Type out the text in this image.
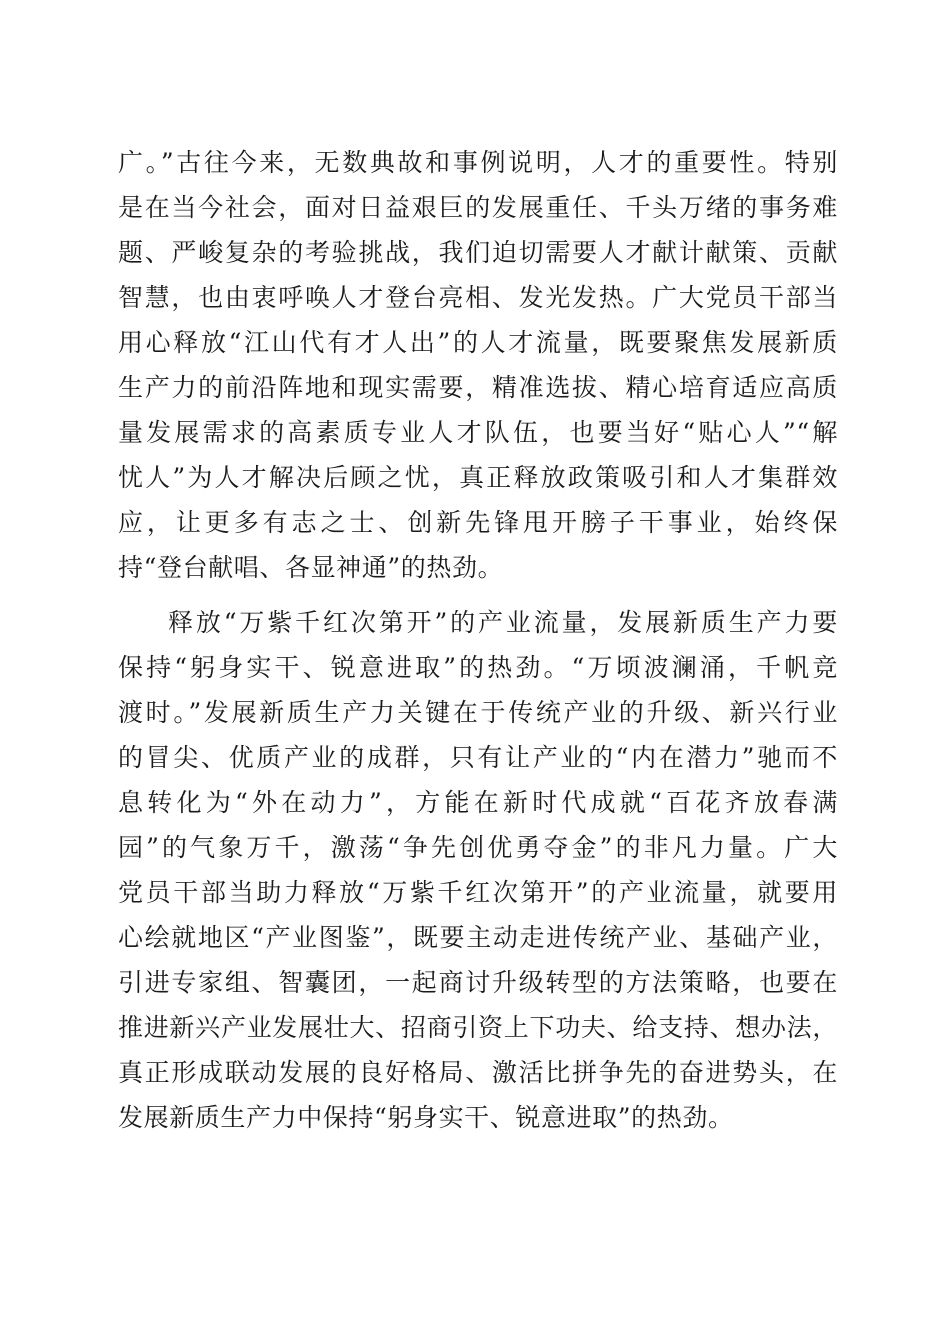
广。”古往今来，无数典故和事例说明，人才的重要性。特别
是在当今社会，面对日益艰巨的发展重任、千头万绪的事务难
题、严峻复杂的考验挑战，我们迫切需要人才献计献策、贡献
智慧，也由衷呼唤人才登台亮相、发光发热。广大党员干部当
用心释放“江山代有才人出”的人才流量，既要聚焦发展新质
生产力的前沿阵地和现实需要，精准选拔、精心培育适应高质
量发展需求的高素质专业人才队伍，也要当好“贴心人”“解
忧人”为人才解决后顾之忧，真正释放政策吸引和人才集群效
应，让更多有志之士、创新先锋甩开膀子干事业，始终保
持“登台献唱、各显神通”的热劲。
释放“万紫千红次第开”的产业流量，发展新质生产力要
保持“躬身实干、锐意进取”的热劲。“万顷波澜涌，千帆竞
渡时。”发展新质生产力关键在于传统产业的升级、新兴行业
的冒尖、优质产业的成群，只有让产业的“内在潜力”驰而不
息转化为“外在动力”，方能在新时代成就“百花齐放春满
园”的气象万千，激荡“争先创优勇夺金”的非凡力量。广大
党员干部当助力释放“万紫千红次第开”的产业流量，就要用
心绘就地区“产业图鉴”，既要主动走进传统产业、基础产业，
引进专家组、智囊团，一起商讨升级转型的方法策略，也要在
推进新兴产业发展壮大、招商引资上下功夫、给支持、想办法，
真正形成联动发展的良好格局、激活比拼争先的奋进势头，在
发展新质生产力中保持“躬身实干、锐意进取”的热劲。
